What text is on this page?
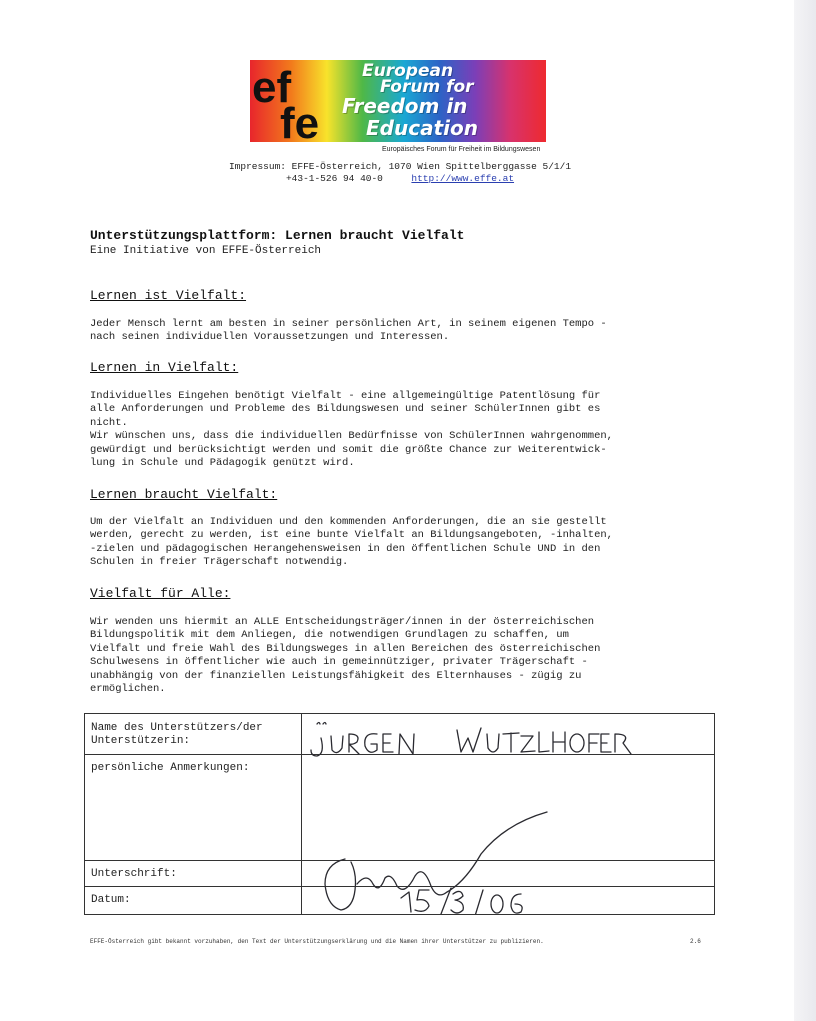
ef
fe
European
Forum for
Freedom in
Education
Europäisches Forum für Freiheit im Bildungswesen
Impressum: EFFE-Österreich, 1070 Wien Spittelberggasse 5/1/1
+43-1-526 94 40-0	http://www.effe.at
Unterstützungsplattform: Lernen braucht Vielfalt
Eine Initiative von EFFE-Österreich
Lernen ist Vielfalt:
Jeder Mensch lernt am besten in seiner persönlichen Art, in seinem eigenen Tempo -
nach seinen individuellen Voraussetzungen und Interessen.
Lernen in Vielfalt:
Individuelles Eingehen benötigt Vielfalt - eine allgemeingültige Patentlösung für
alle Anforderungen und Probleme des Bildungswesen und seiner SchülerInnen gibt es
nicht.
Wir wünschen uns, dass die individuellen Bedürfnisse von SchülerInnen wahrgenommen,
gewürdigt und berücksichtigt werden und somit die größte Chance zur Weiterentwick-
lung in Schule und Pädagogik genützt wird.
Lernen braucht Vielfalt:
Um der Vielfalt an Individuen und den kommenden Anforderungen, die an sie gestellt
werden, gerecht zu werden, ist eine bunte Vielfalt an Bildungsangeboten, -inhalten,
-zielen und pädagogischen Herangehensweisen in den öffentlichen Schule UND in den
Schulen in freier Trägerschaft notwendig.
Vielfalt für Alle:
Wir wenden uns hiermit an ALLE Entscheidungsträger/innen in der österreichischen
Bildungspolitik mit dem Anliegen, die notwendigen Grundlagen zu schaffen, um
Vielfalt und freie Wahl des Bildungsweges in allen Bereichen des österreichischen
Schulwesens in öffentlicher wie auch in gemeinnütziger, privater Trägerschaft -
unabhängig von der finanziellen Leistungsfähigkeit des Elternhauses - zügig zu
ermöglichen.
Name des Unterstützers/der
Unterstützerin:
persönliche Anmerkungen:
Unterschrift:
Datum:
EFFE-Österreich gibt bekannt vorzuhaben, den Text der Unterstützungserklärung und die Namen ihrer Unterstützer zu publizieren.	2.6
